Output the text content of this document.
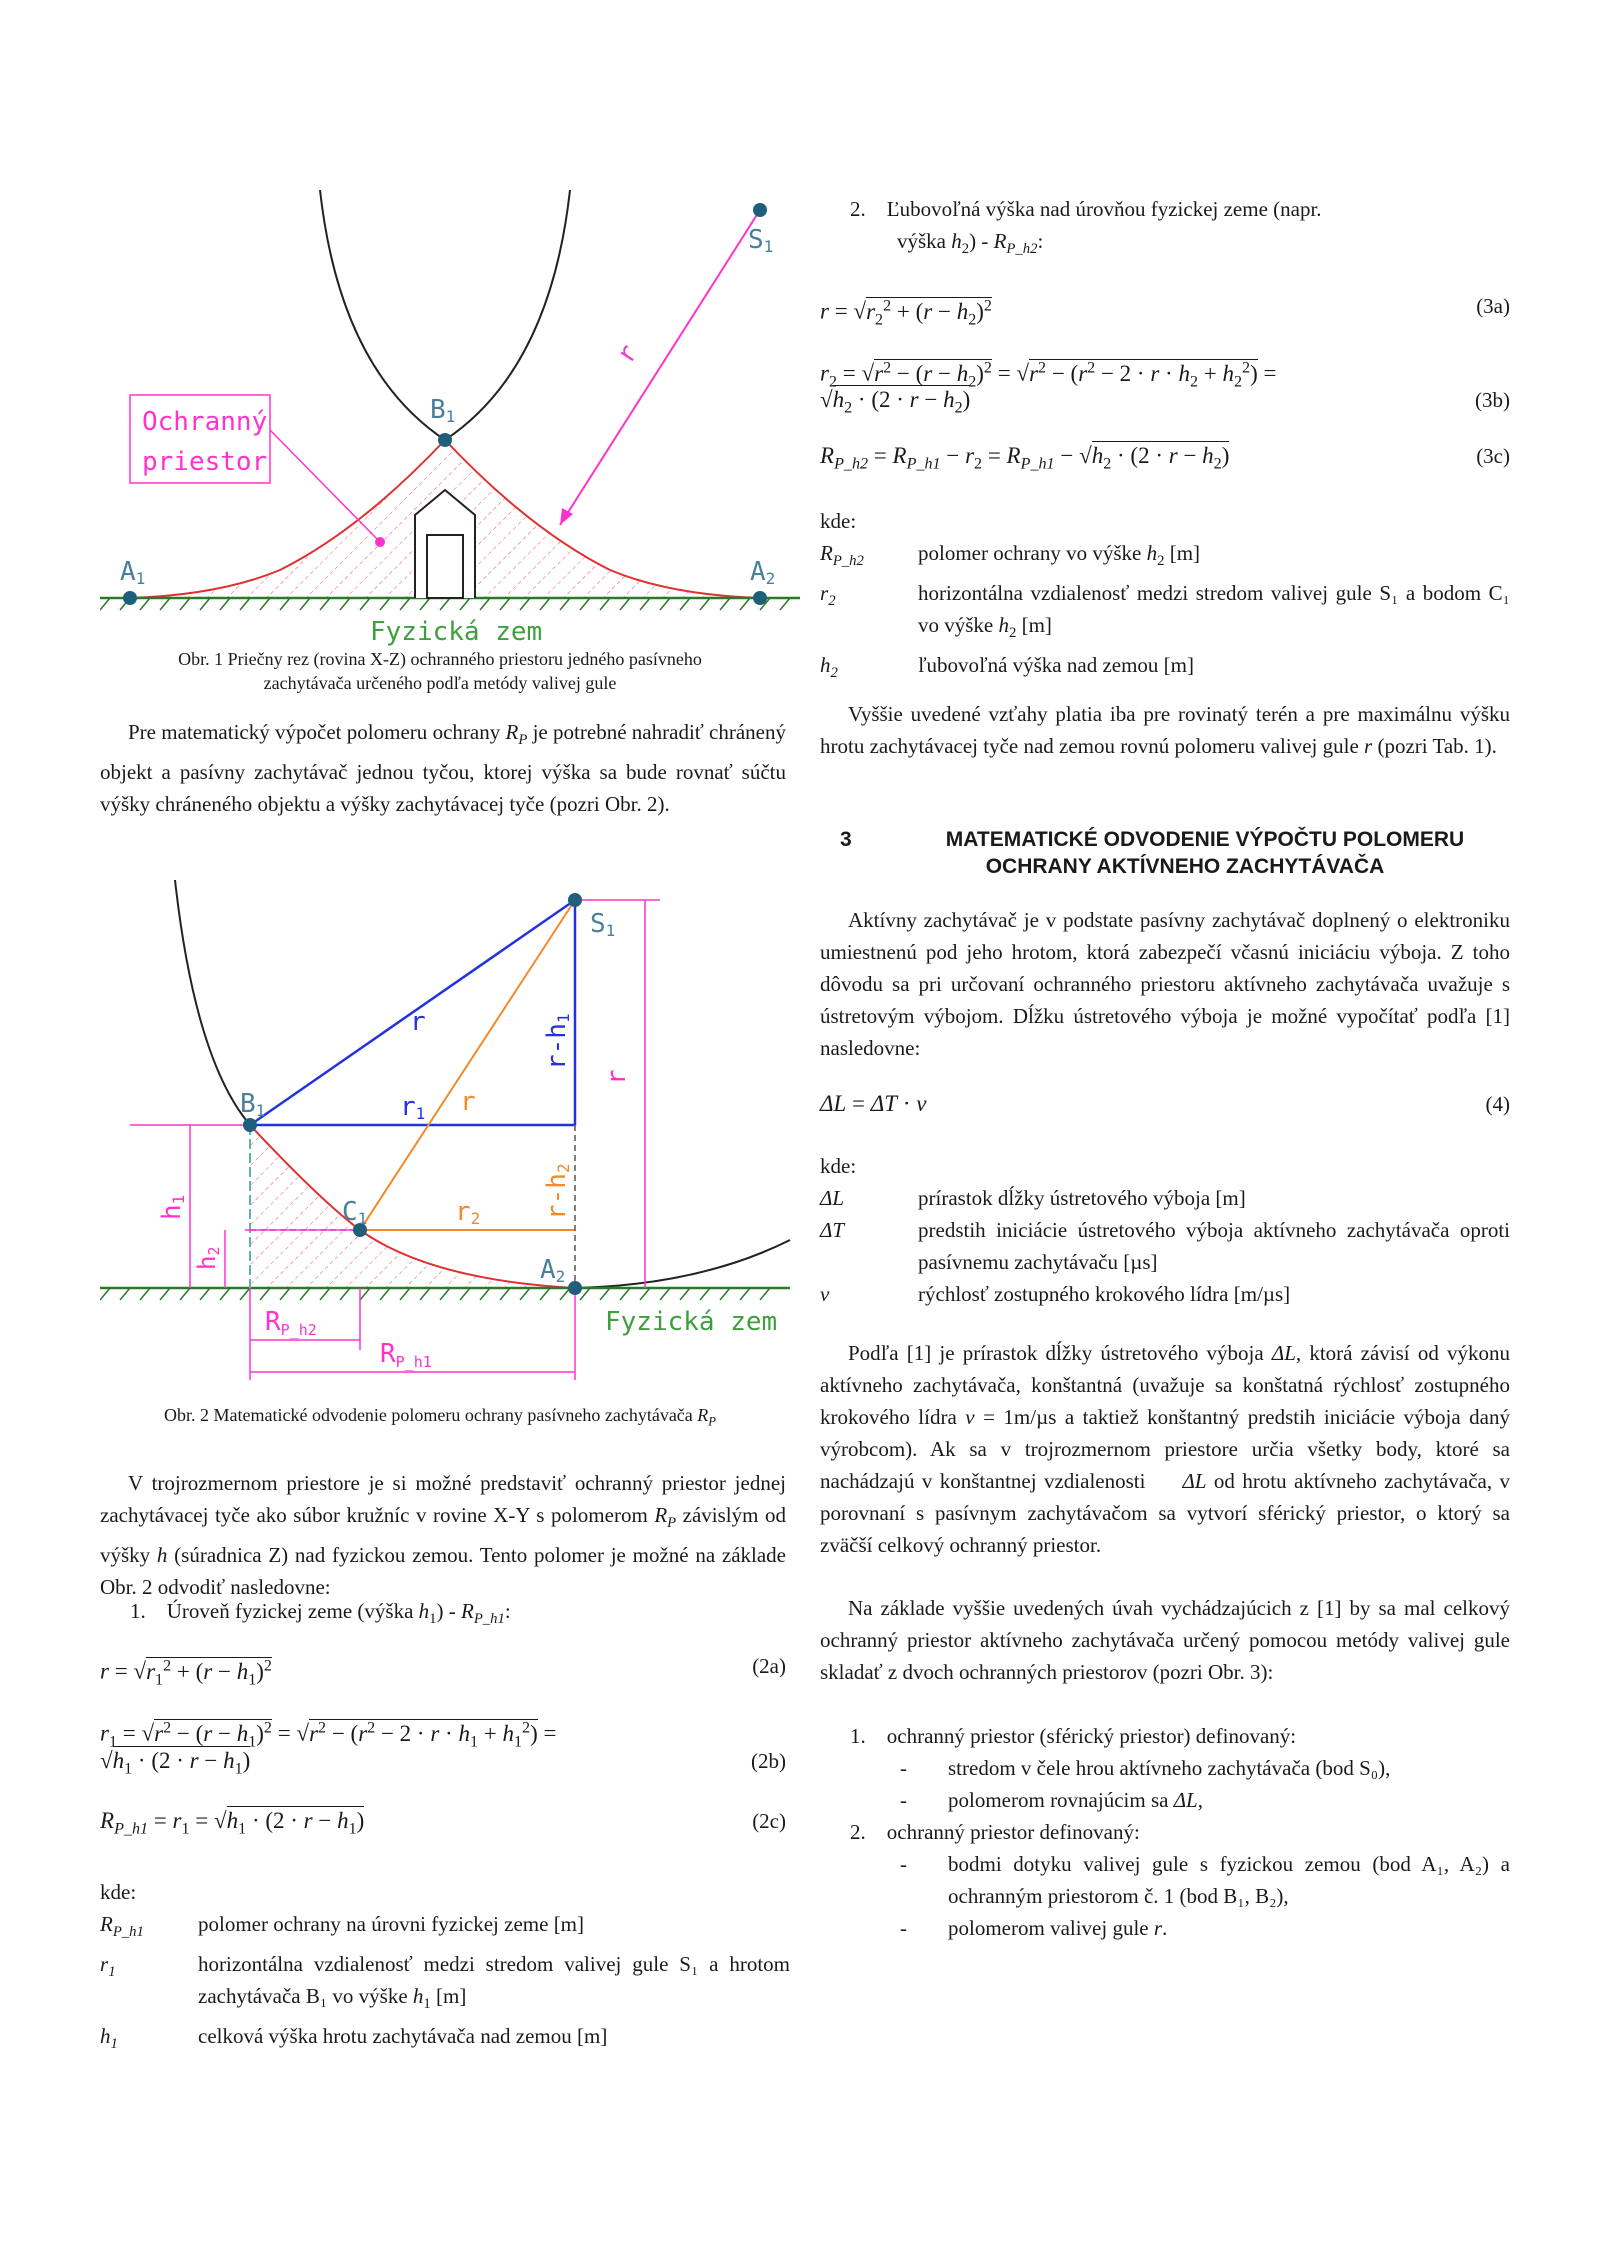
S1
B1
A1	A2
r
Ochranný
priestor
Fyzická zem
Obr. 1 Priečny rez (rovina X-Z) ochranného priestoru jedného pasívneho
zachytávača určeného podľa metódy valivej gule
Pre matematický výpočet polomeru ochrany $R_P$ je potrebné nahradiť chránený objekt a pasívny zachytávač jednou tyčou, ktorej výška sa bude rovnať súčtu výšky chráneného objektu a výšky zachytávacej tyče (pozri Obr. 2).
S1
B1
C1
A2
r
r
r
r1
r2
r-h1
r-h2
h1
h2
RP_h2
RP_h1
Fyzická zem
Obr. 2 Matematické odvodenie polomeru ochrany pasívneho zachytávača $R_P$
V trojrozmernom priestore je si možné predstaviť ochranný priestor jednej zachytávacej tyče ako súbor kružníc v rovine X-Y s polomerom $R_P$ závislým od výšky h (súradnica Z) nad fyzickou zemou. Tento polomer je možné na základe Obr. 2 odvodiť nasledovne:
1. Úroveň fyzickej zeme (výška $h_1) - R_{P\_h1}$:
$r = √r_1^2 + (r - h_1)^2$	(2a)
$r_1 = √r^2 - (r - h_1)^2 = √r^2 - (r^2 - 2 \cdot r \cdot h_1 + h_1^2)$ =
$√h_1 \cdot (2 \cdot r - h_1)$	(2b)
$R_{P\_h1} = r_1 = √h_1 \cdot (2 \cdot r - h_1)$	(2c)
kde:
$R_{P\_h1}$	polomer ochrany na úrovni fyzickej zeme [m]
$r_1$	horizontálna vzdialenosť medzi stredom valivej gule S₁ a hrotom zachytávača B₁ vo výške $h_1$ [m]
$h_1$	celková výška hrotu zachytávača nad zemou [m]
2. Ľubovoľná výška nad úrovňou fyzickej zeme (napr.
výška $h_2) - R_{P\_h2}$:
$r = √r_2^2 + (r - h_2)^2$	(3a)
$r_2 = √r^2 - (r - h_2)^2 = √r^2 - (r^2 - 2 \cdot r \cdot h_2 + h_2^2)$ =
$√h_2 \cdot (2 \cdot r - h_2)$	(3b)
$R_{P\_h2} = R_{P\_h1} - r_2 = R_{P\_h1} - √h_2 \cdot (2 \cdot r - h_2)$	(3c)
kde:
$R_{P\_h2}$	polomer ochrany vo výške $h_2$ [m]
$r_2$	horizontálna vzdialenosť medzi stredom valivej gule S₁ a bodom C₁ vo výške $h_2$ [m]
$h_2$	ľubovoľná výška nad zemou [m]
Vyššie uvedené vzťahy platia iba pre rovinatý terén a pre maximálnu výšku hrotu zachytávacej tyče nad zemou rovnú polomeru valivej gule r (pozri Tab. 1).
3	MATEMATICKÉ ODVODENIE VÝPOČTU POLOMERU
OCHRANY AKTÍVNEHO ZACHYTÁVAČA
Aktívny zachytávač je v podstate pasívny zachytávač doplnený o elektroniku umiestnenú pod jeho hrotom, ktorá zabezpečí včasnú iniciáciu výboja. Z toho dôvodu sa pri určovaní ochranného priestoru aktívneho zachytávača uvažuje s ústretovým výbojom. Dĺžku ústretového výboja je možné vypočítať podľa [1] nasledovne:
ΔL = ΔT · v	(4)
kde:
ΔL	prírastok dĺžky ústretového výboja [m]
ΔT	predstih iniciácie ústretového výboja aktívneho zachytávača oproti pasívnemu zachytávaču [µs]
v	rýchlosť zostupného krokového lídra [m/µs]
Podľa [1] je prírastok dĺžky ústretového výboja ΔL, ktorá závisí od výkonu aktívneho zachytávača, konštantná (uvažuje sa konštatná rýchlosť zostupného krokového lídra v = 1m/µs a taktiež konštantný predstih iniciácie výboja daný výrobcom). Ak sa v trojrozmernom priestore určia všetky body, ktoré sa nachádzajú v konštantnej vzdialenosti     ΔL od hrotu aktívneho zachytávača, v porovnaní s pasívnym zachytávačom sa vytvorí sférický priestor, o ktorý sa zväčší celkový ochranný priestor.
Na základe vyššie uvedených úvah vychádzajúcich z [1] by sa mal celkový ochranný priestor aktívneho zachytávača určený pomocou metódy valivej gule skladať z dvoch ochranných priestorov (pozri Obr. 3):
1. ochranný priestor (sférický priestor) definovaný:
-	stredom v čele hrou aktívneho zachytávača (bod S₀),
-	polomerom rovnajúcim sa ΔL,
2. ochranný priestor definovaný:
-	bodmi dotyku valivej gule s fyzickou zemou (bod A₁, A₂) a ochranným priestorom č. 1 (bod B₁, B₂),
-	polomerom valivej gule r.
